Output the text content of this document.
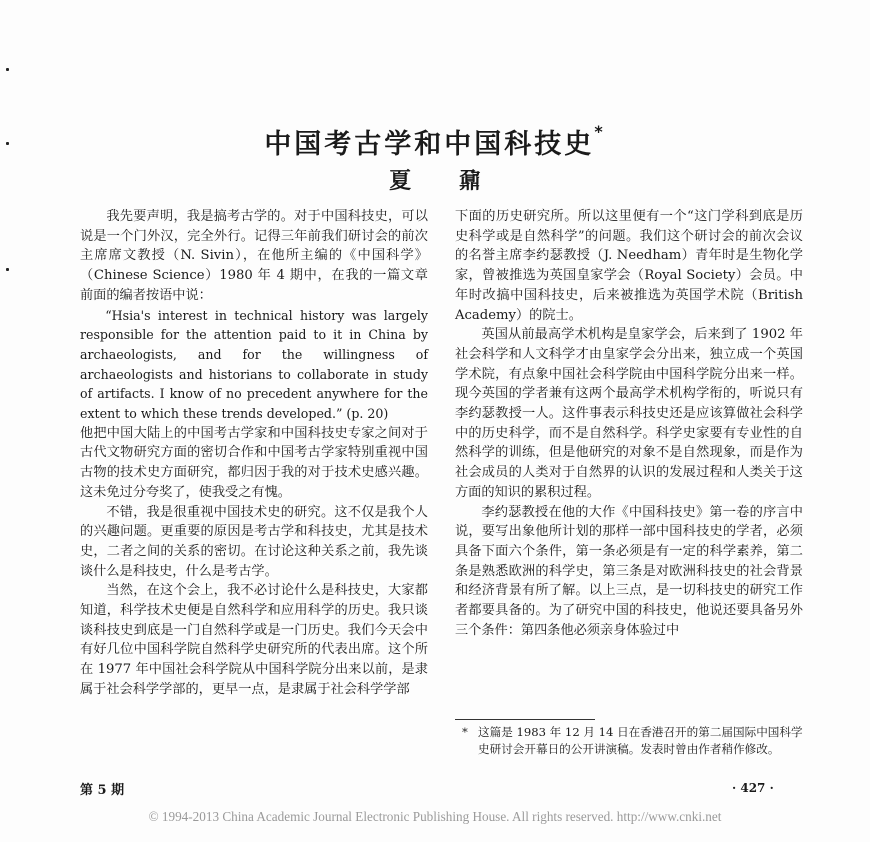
中国考古学和中国科技史*
夏 鼐

我先要声明，我是搞考古学的。对于中国科技史，可以说是一个门外汉，完全外行。记得三年前我们研讨会的前次主席席文教授（N. Sivin），在他所主编的《中国科学》（Chinese Science）1980 年 4 期中，在我的一篇文章前面的编者按语中说：

“Hsia's interest in technical history was largely responsible for the attention paid to it in China by archaeologists, and for the willingness of archaeologists and historians to collaborate in study of artifacts. I know of no precedent anywhere for the extent to which these trends developed.” (p. 20)

他把中国大陆上的中国考古学家和中国科技史专家之间对于古代文物研究方面的密切合作和中国考古学家特别重视中国古物的技术史方面研究，都归因于我的对于技术史感兴趣。这未免过分夸奖了，使我受之有愧。

不错，我是很重视中国技术史的研究。这不仅是我个人的兴趣问题。更重要的原因是考古学和科技史，尤其是技术史，二者之间的关系的密切。在讨论这种关系之前，我先谈谈什么是科技史，什么是考古学。

当然，在这个会上，我不必讨论什么是科技史，大家都知道，科学技术史便是自然科学和应用科学的历史。我只谈谈科技史到底是一门自然科学或是一门历史。我们今天会中有好几位中国科学院自然科学史研究所的代表出席。这个所在 1977 年中国社会科学院从中国科学院分出来以前，是隶属于社会科学学部的，更早一点，是隶属于社会科学学部

下面的历史研究所。所以这里便有一个“这门学科到底是历史科学或是自然科学”的问题。我们这个研讨会的前次会议的名誉主席李约瑟教授（J. Needham）青年时是生物化学家，曾被推选为英国皇家学会（Royal Society）会员。中年时改搞中国科技史，后来被推选为英国学术院（British Academy）的院士。

英国从前最高学术机构是皇家学会，后来到了 1902 年社会科学和人文科学才由皇家学会分出来，独立成一个英国学术院，有点象中国社会科学院由中国科学院分出来一样。现今英国的学者兼有这两个最高学术机构学衔的，听说只有李约瑟教授一人。这件事表示科技史还是应该算做社会科学中的历史科学，而不是自然科学。科学史家要有专业性的自然科学的训练，但是他研究的对象不是自然现象，而是作为社会成员的人类对于自然界的认识的发展过程和人类关于这方面的知识的累积过程。

李约瑟教授在他的大作《中国科技史》第一卷的序言中说，要写出象他所计划的那样一部中国科技史的学者，必须具备下面六个条件，第一条必须是有一定的科学素养，第二条是熟悉欧洲的科学史，第三条是对欧洲科技史的社会背景和经济背景有所了解。以上三点，是一切科技史的研究工作者都要具备的。为了研究中国的科技史，他说还要具备另外三个条件：第四条他必须亲身体验过中

* 这篇是 1983 年 12 月 14 日在香港召开的第二届国际中国科学史研讨会开幕日的公开讲演稿。发表时曾由作者稍作修改。
第 5 期	· 427 ·
© 1994-2013 China Academic Journal Electronic Publishing House. All rights reserved. http://www.cnki.net
